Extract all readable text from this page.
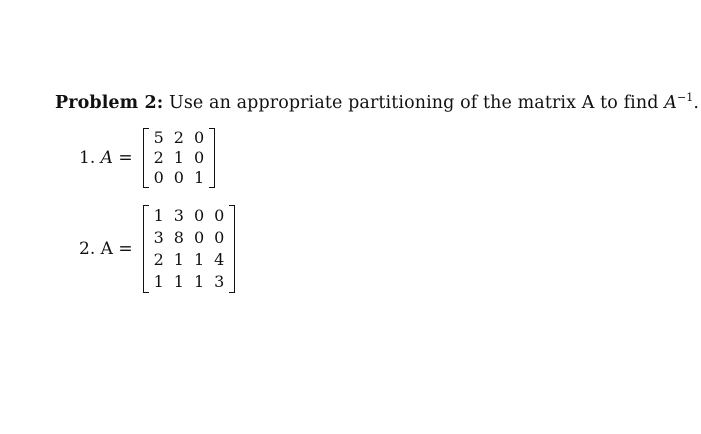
Problem 2: Use an appropriate partitioning of the matrix A to find $A^{-1}$.
1. A =
5	2	0
2	1	0
0	0	1
2. A =
1	3	0	0
3	8	0	0
2	1	1	4
1	1	1	3
